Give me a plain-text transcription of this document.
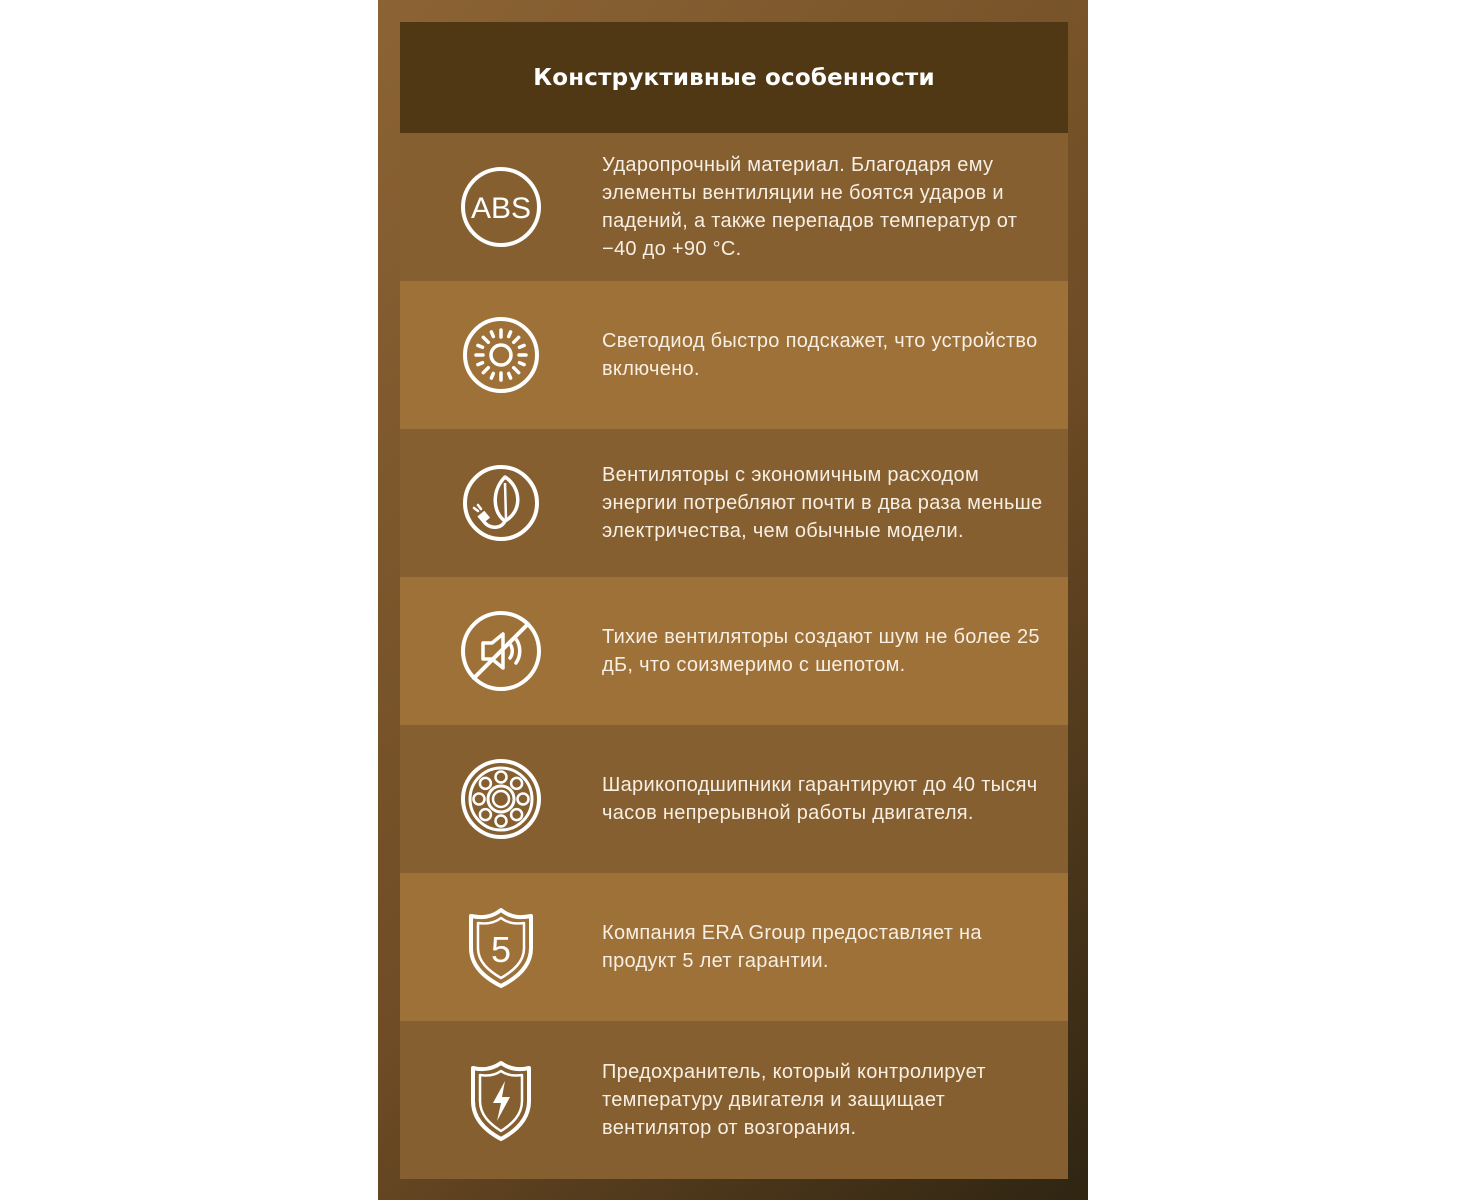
Конструктивные особенности
ABS
Ударопрочный материал. Благодаря ему элементы вентиляции не боятся ударов и падений, а также перепадов температур от −40 до +90 °C.
Светодиод быстро подскажет, что устройство включено.
Вентиляторы с экономичным расходом энергии потребляют почти в два раза меньше электричества, чем обычные модели.
Тихие вентиляторы создают шум не более 25 дБ, что соизмеримо с шепотом.
Шарикоподшипники гарантируют до 40 тысяч часов непрерывной работы двигателя.
5	Компания ERA Group предоставляет на продукт 5 лет гарантии.
Предохранитель, который контролирует температуру двигателя и защищает вентилятор от возгорания.
